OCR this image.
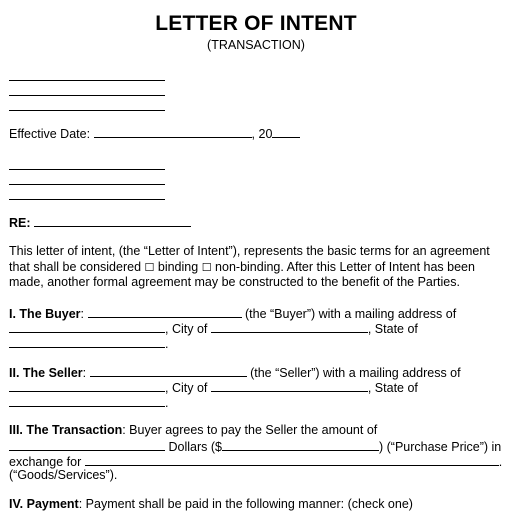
LETTER OF INTENT
(TRANSACTION)
Effective Date:	, 20
RE:
This letter of intent, (the “Letter of Intent”), represents the basic terms for an agreement that shall be considered ☐ binding ☐ non-binding. After this Letter of Intent has been made, another formal agreement may be constructed to the benefit of the Parties.
I. The Buyer:	(the “Buyer”) with a mailing address of
, City of	, State of
.
II. The Seller:	(the “Seller”) with a mailing address of
, City of	, State of
.
III. The Transaction: Buyer agrees to pay the Seller the amount of
Dollars ($	) (“Purchase Price”) in
exchange for	.
(“Goods/Services”).
IV. Payment: Payment shall be paid in the following manner: (check one)
